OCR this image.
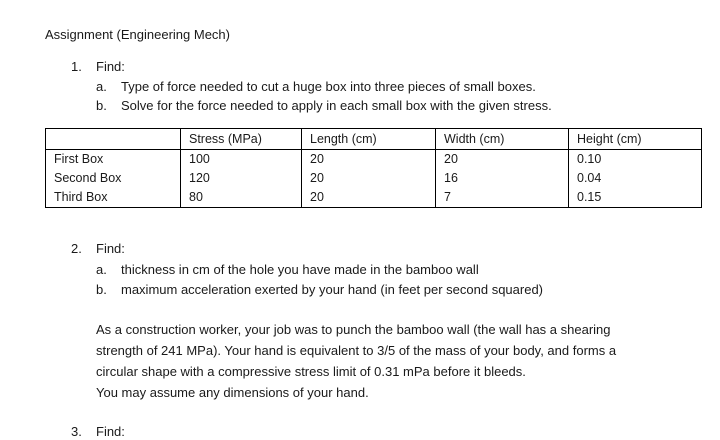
Assignment (Engineering Mech)
1. Find:
a. Type of force needed to cut a huge box into three pieces of small boxes.
b. Solve for the force needed to apply in each small box with the given stress.
	Stress (MPa)	Length (cm)	Width (cm)	Height (cm)
First Box	100	20	20	0.10
Second Box	120	20	16	0.04
Third Box	80	20	7	0.15
2. Find:
a. thickness in cm of the hole you have made in the bamboo wall
b. maximum acceleration exerted by your hand (in feet per second squared)
As a construction worker, your job was to punch the bamboo wall (the wall has a shearing
strength of 241 MPa). Your hand is equivalent to 3/5 of the mass of your body, and forms a
circular shape with a compressive stress limit of 0.31 mPa before it bleeds.
You may assume any dimensions of your hand.
3. Find:
